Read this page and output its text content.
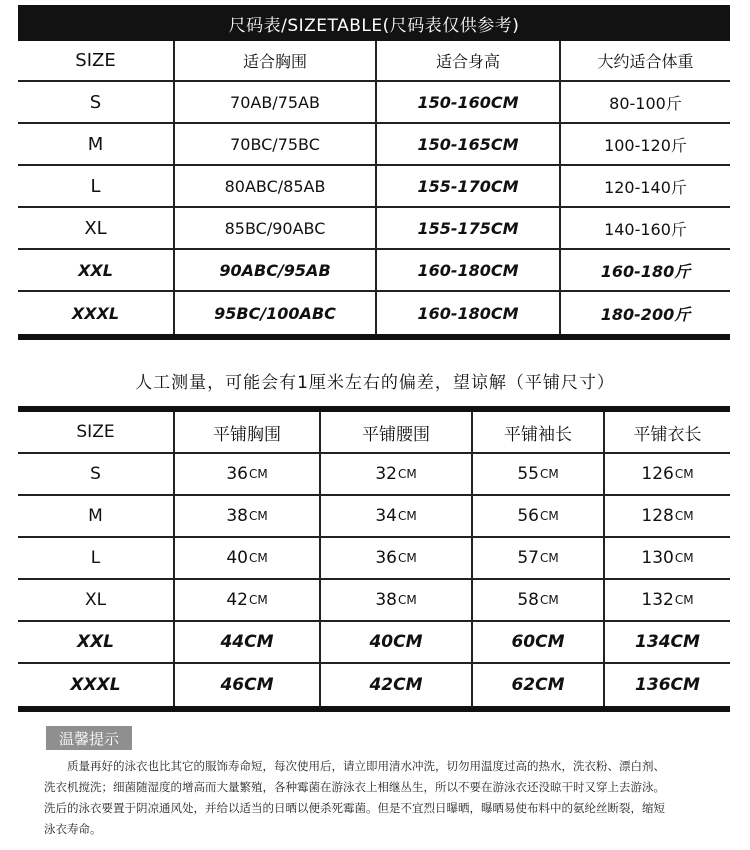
尺码表/SIZETABLE(尺码表仅供参考)
SIZE	适合胸围	适合身高	大约适合体重
S	70AB/75AB	150-160CM	80-100斤
M	70BC/75BC	150-165CM	100-120斤
L	80ABC/85AB	155-170CM	120-140斤
XL	85BC/90ABC	155-175CM	140-160斤
XXL	90ABC/95AB	160-180CM	160-180斤
XXXL	95BC/100ABC	160-180CM	180-200斤
人工测量，可能会有1厘米左右的偏差，望谅解（平铺尺寸）
SIZE	平铺胸围	平铺腰围	平铺袖长	平铺衣长
S	36 CM	32 CM	55 CM	126 CM
M	38 CM	34 CM	56 CM	128 CM
L	40 CM	36 CM	57 CM	130 CM
XL	42 CM	38 CM	58 CM	132 CM
XXL	44CM	40CM	60CM	134CM
XXXL	46CM	42CM	62CM	136CM
温馨提示

质量再好的泳衣也比其它的服饰寿命短，每次使用后，请立即用清水冲洗，切勿用温度过高的热水，洗衣粉、漂白剂、

洗衣机搅洗；细菌随湿度的增高而大量繁殖，各种霉菌在游泳衣上相继丛生，所以不要在游泳衣还没晾干时又穿上去游泳。

洗后的泳衣要置于阴凉通风处，并给以适当的日晒以便杀死霉菌。但是不宜烈日曝晒，曝晒易使布料中的氨纶丝断裂，缩短

泳衣寿命。
